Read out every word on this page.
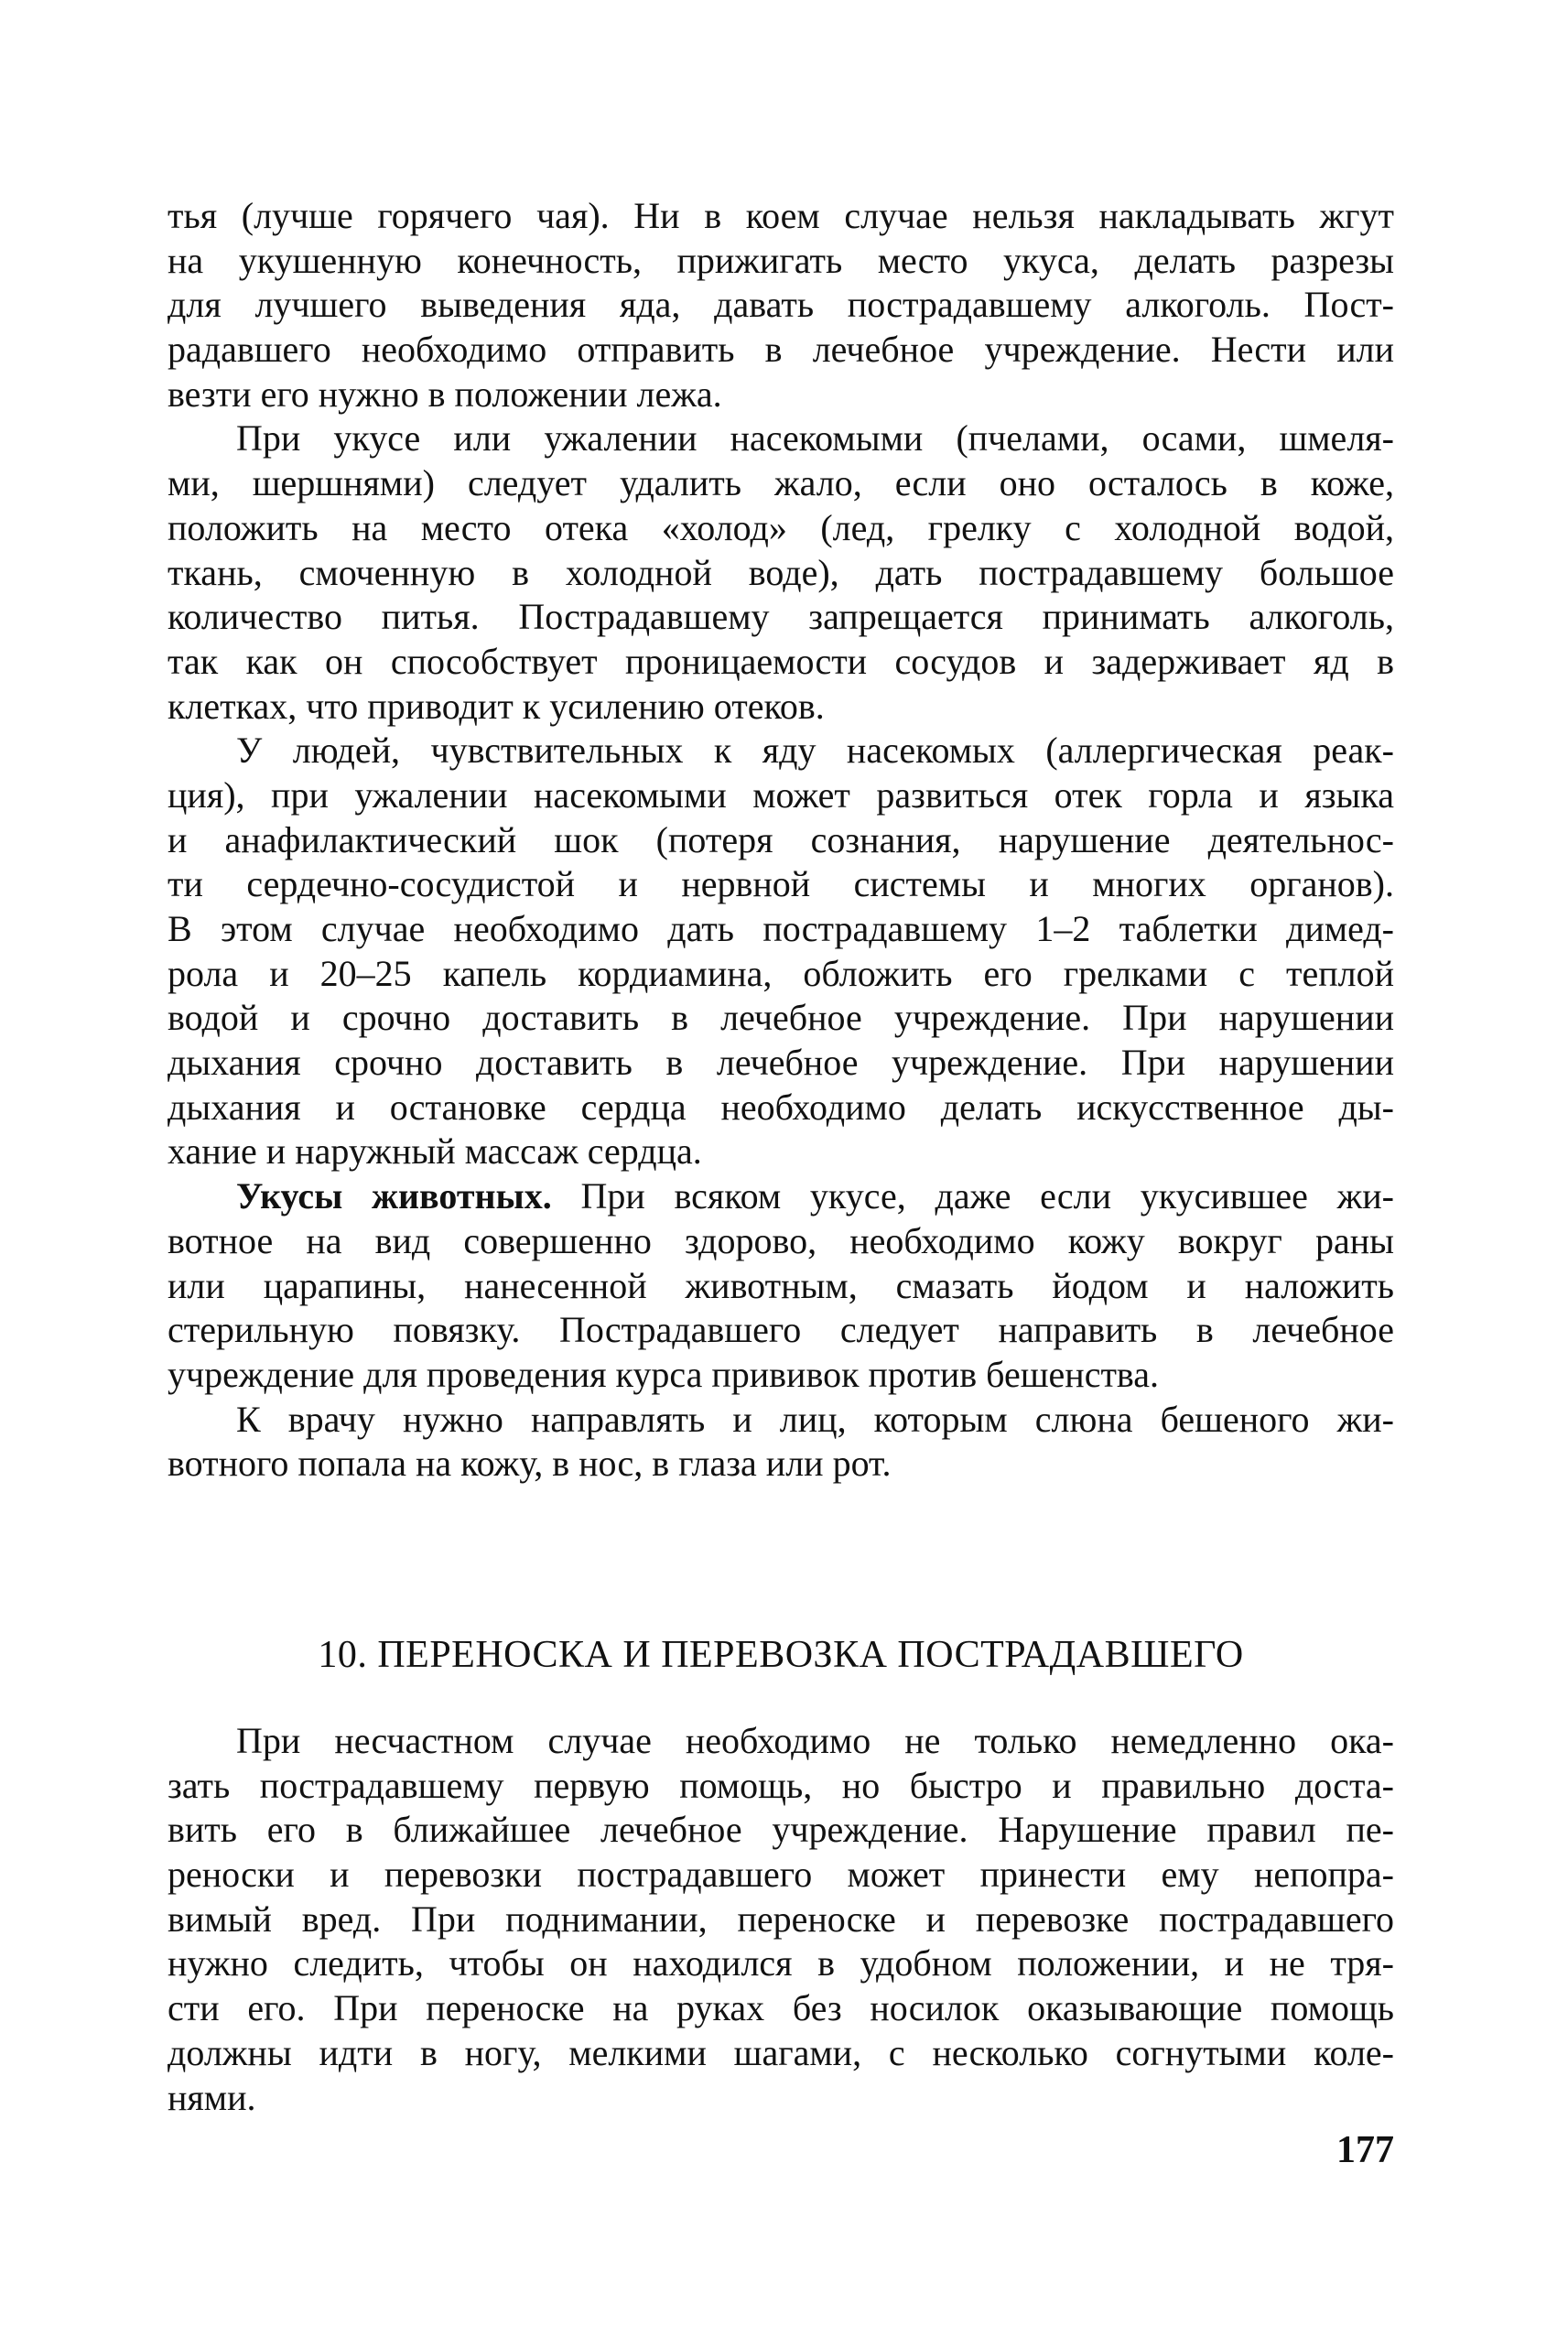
тья (лучше горячего чая). Ни в коем случае нельзя накладывать жгут
на укушенную конечность, прижигать место укуса, делать разрезы
для лучшего выведения яда, давать пострадавшему алкоголь. Пост-
радавшего необходимо отправить в лечебное учреждение. Нести или
везти его нужно в положении лежа.
При укусе или ужалении насекомыми (пчелами, осами, шмеля-
ми, шершнями) следует удалить жало, если оно осталось в коже,
положить на место отека «холод» (лед, грелку с холодной водой,
ткань, смоченную в холодной воде), дать пострадавшему большое
количество питья. Пострадавшему запрещается принимать алкоголь,
так как он способствует проницаемости сосудов и задерживает яд в
клетках, что приводит к усилению отеков.
У людей, чувствительных к яду насекомых (аллергическая реак-
ция), при ужалении насекомыми может развиться отек горла и языка
и анафилактический шок (потеря сознания, нарушение деятельнос-
ти сердечно-сосудистой и нервной системы и многих органов).
В этом случае необходимо дать пострадавшему 1–2 таблетки димед-
рола и 20–25 капель кордиамина, обложить его грелками с теплой
водой и срочно доставить в лечебное учреждение. При нарушении
дыхания срочно доставить в лечебное учреждение. При нарушении
дыхания и остановке сердца необходимо делать искусственное ды-
хание и наружный массаж сердца.
Укусы животных. При всяком укусе, даже если укусившее жи-
вотное на вид совершенно здорово, необходимо кожу вокруг раны
или царапины, нанесенной животным, смазать йодом и наложить
стерильную повязку. Пострадавшего следует направить в лечебное
учреждение для проведения курса прививок против бешенства.
К врачу нужно направлять и лиц, которым слюна бешеного жи-
вотного попала на кожу, в нос, в глаза или рот.
10. ПЕРЕНОСКА И ПЕРЕВОЗКА ПОСТРАДАВШЕГО
При несчастном случае необходимо не только немедленно ока-
зать пострадавшему первую помощь, но быстро и правильно доста-
вить его в ближайшее лечебное учреждение. Нарушение правил пе-
реноски и перевозки пострадавшего может принести ему непопра-
вимый вред. При поднимании, переноске и перевозке пострадавшего
нужно следить, чтобы он находился в удобном положении, и не тря-
сти его. При переноске на руках без носилок оказывающие помощь
должны идти в ногу, мелкими шагами, с несколько согнутыми коле-
нями.
177
